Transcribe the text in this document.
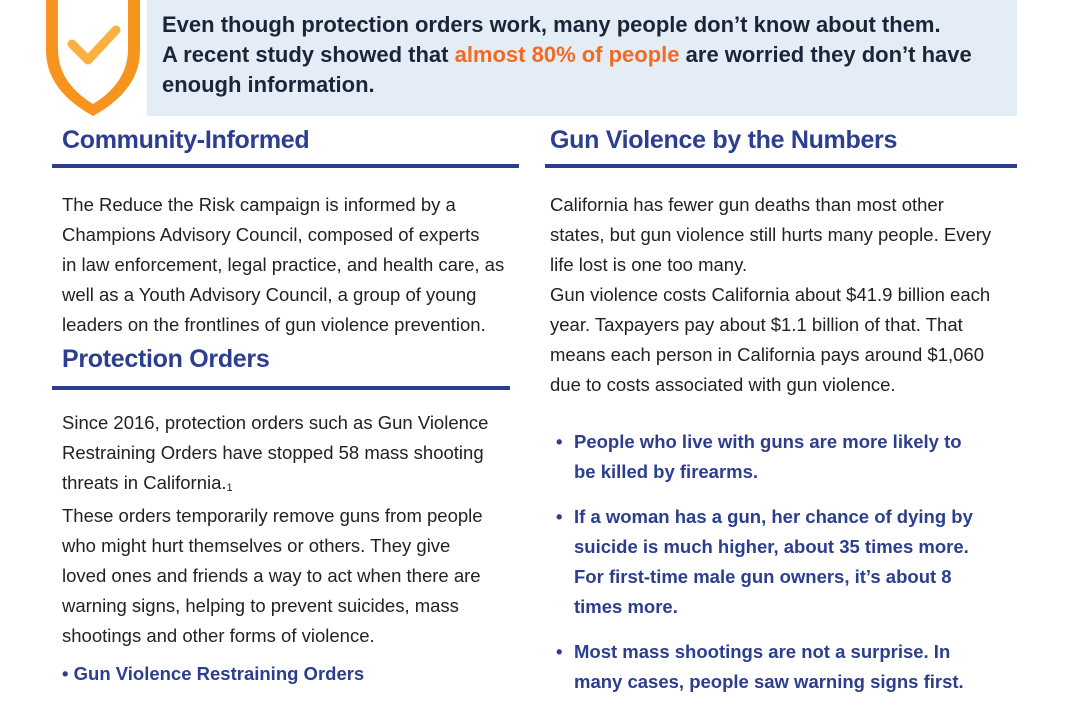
Even though protection orders work, many people don’t know about them.
A recent study showed that almost 80% of people are worried they don’t have
enough information.
Community-Informed
The Reduce the Risk campaign is informed by a
Champions Advisory Council, composed of experts
in law enforcement, legal practice, and health care, as
well as a Youth Advisory Council, a group of young
leaders on the frontlines of gun violence prevention.
Protection Orders
Since 2016, protection orders such as Gun Violence
Restraining Orders have stopped 58 mass shooting
threats in California.$^1$
These orders temporarily remove guns from people
who might hurt themselves or others. They give
loved ones and friends a way to act when there are
warning signs, helping to prevent suicides, mass
shootings and other forms of violence.
• Gun Violence Restraining Orders
Gun Violence by the Numbers
California has fewer gun deaths than most other
states, but gun violence still hurts many people. Every
life lost is one too many.
Gun violence costs California about $41.9 billion each
year. Taxpayers pay about $1.1 billion of that. That
means each person in California pays around $1,060
due to costs associated with gun violence.
• People who live with guns are more likely to
be killed by firearms.
• If a woman has a gun, her chance of dying by
suicide is much higher, about 35 times more.
For first-time male gun owners, it’s about 8
times more.
• Most mass shootings are not a surprise. In
many cases, people saw warning signs first.
